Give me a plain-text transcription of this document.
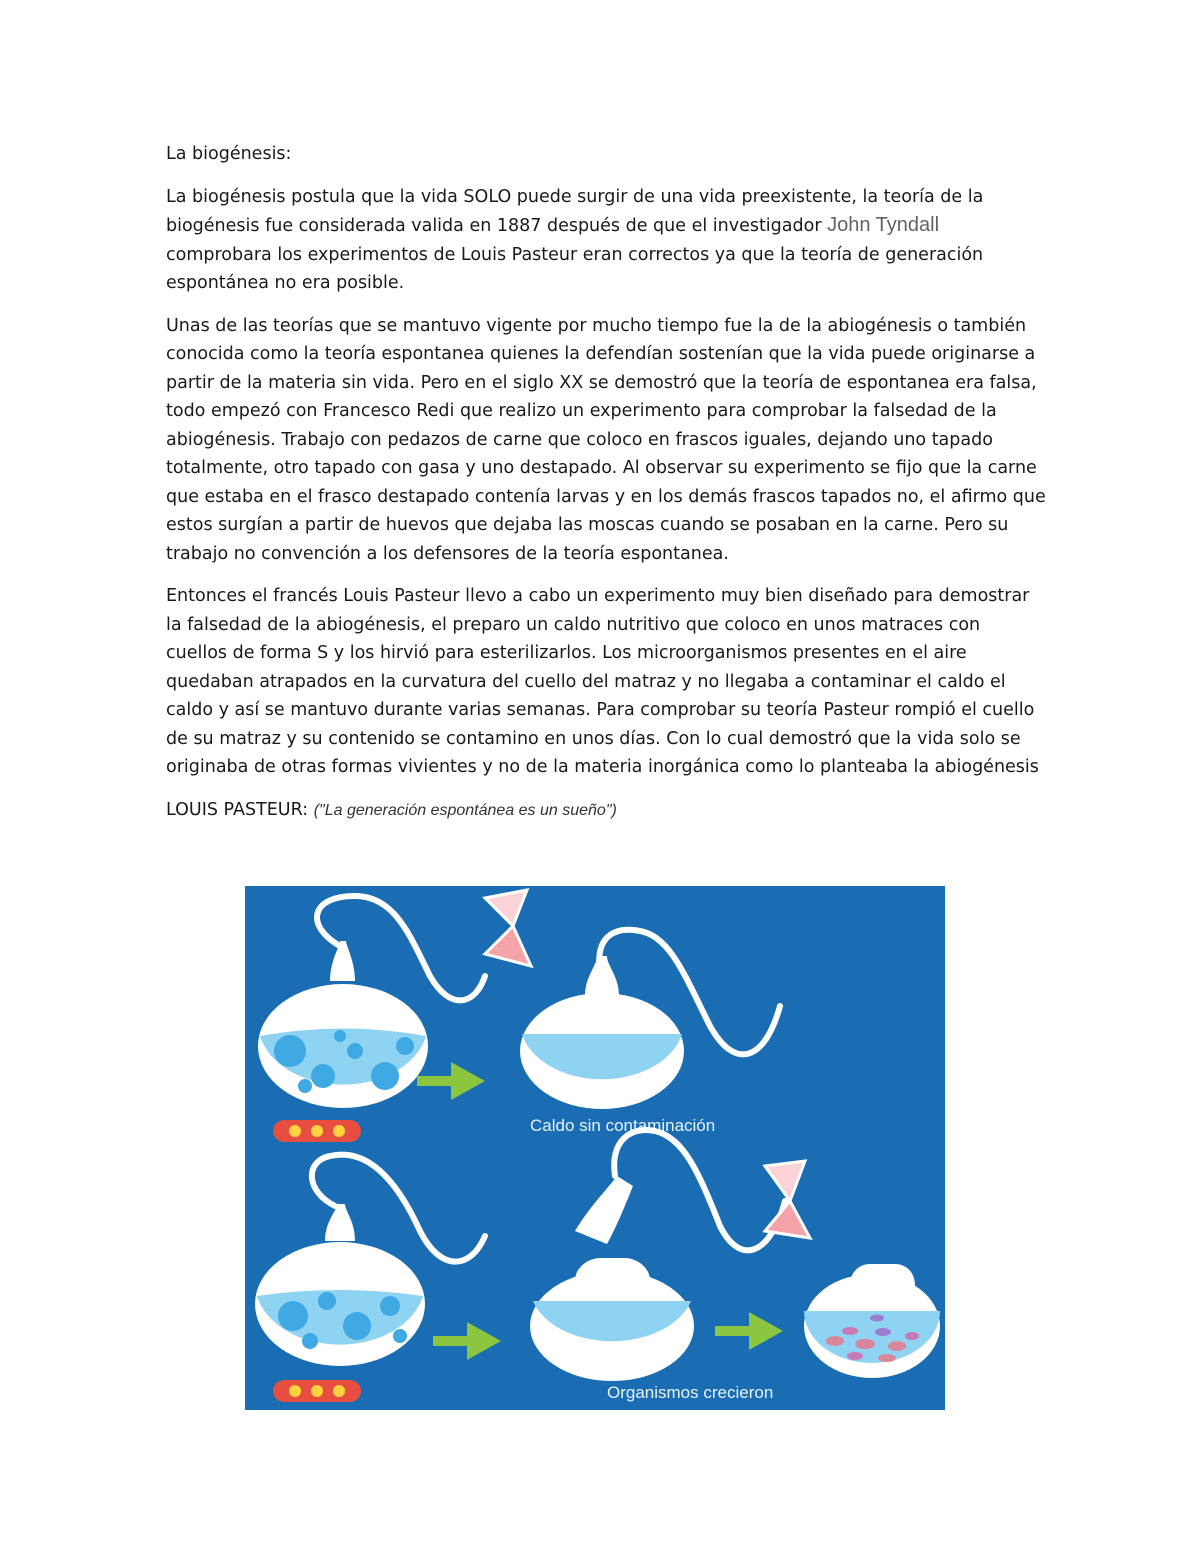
La biogénesis:

La biogénesis postula que la vida SOLO puede surgir de una vida preexistente, la teoría de la
biogénesis fue considerada valida en 1887 después de que el investigador John Tyndall
comprobara los experimentos de Louis Pasteur eran correctos ya que la teoría de generación
espontánea no era posible.

Unas de las teorías que se mantuvo vigente por mucho tiempo fue la de la abiogénesis o también
conocida como la teoría espontanea quienes la defendían sostenían que la vida puede originarse a
partir de la materia sin vida. Pero en el siglo XX se demostró que la teoría de espontanea era falsa,
todo empezó con Francesco Redi que realizo un experimento para comprobar la falsedad de la
abiogénesis. Trabajo con pedazos de carne que coloco en frascos iguales, dejando uno tapado
totalmente, otro tapado con gasa y uno destapado. Al observar su experimento se fijo que la carne
que estaba en el frasco destapado contenía larvas y en los demás frascos tapados no, el afirmo que
estos surgían a partir de huevos que dejaba las moscas cuando se posaban en la carne. Pero su
trabajo no convención a los defensores de la teoría espontanea.

Entonces el francés Louis Pasteur llevo a cabo un experimento muy bien diseñado para demostrar
la falsedad de la abiogénesis, el preparo un caldo nutritivo que coloco en unos matraces con
cuellos de forma S y los hirvió para esterilizarlos. Los microorganismos presentes en el aire
quedaban atrapados en la curvatura del cuello del matraz y no llegaba a contaminar el caldo el
caldo y así se mantuvo durante varias semanas. Para comprobar su teoría Pasteur rompió el cuello
de su matraz y su contenido se contamino en unos días. Con lo cual demostró que la vida solo se
originaba de otras formas vivientes y no de la materia inorgánica como lo planteaba la abiogénesis

LOUIS PASTEUR: ("La generación espontánea es un sueño")

Caldo sin contaminación
Organismos crecieron
